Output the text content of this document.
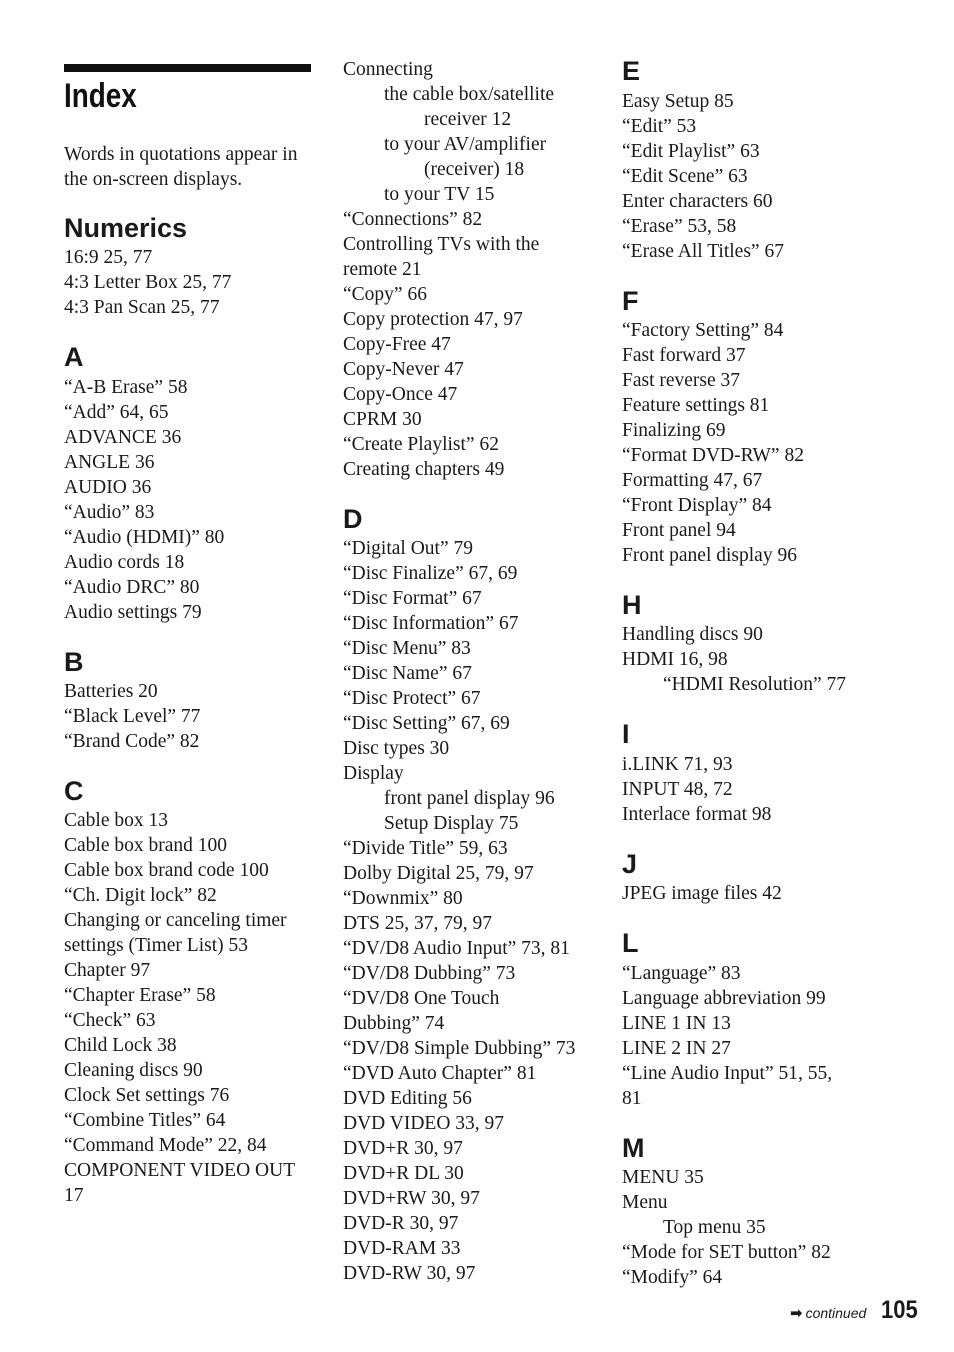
Index
Words in quotations appear in
the on-screen displays.
Numerics
16:9 25, 77
4:3 Letter Box 25, 77
4:3 Pan Scan 25, 77
A
“A-B Erase” 58
“Add” 64, 65
ADVANCE 36
ANGLE 36
AUDIO 36
“Audio” 83
“Audio (HDMI)” 80
Audio cords 18
“Audio DRC” 80
Audio settings 79
B
Batteries 20
“Black Level” 77
“Brand Code” 82
C
Cable box 13
Cable box brand 100
Cable box brand code 100
“Ch. Digit lock” 82
Changing or canceling timer
settings (Timer List) 53
Chapter 97
“Chapter Erase” 58
“Check” 63
Child Lock 38
Cleaning discs 90
Clock Set settings 76
“Combine Titles” 64
“Command Mode” 22, 84
COMPONENT VIDEO OUT
17
Connecting
the cable box/satellite
receiver 12
to your AV/amplifier
(receiver) 18
to your TV 15
“Connections” 82
Controlling TVs with the
remote 21
“Copy” 66
Copy protection 47, 97
Copy-Free 47
Copy-Never 47
Copy-Once 47
CPRM 30
“Create Playlist” 62
Creating chapters 49
D
“Digital Out” 79
“Disc Finalize” 67, 69
“Disc Format” 67
“Disc Information” 67
“Disc Menu” 83
“Disc Name” 67
“Disc Protect” 67
“Disc Setting” 67, 69
Disc types 30
Display
front panel display 96
Setup Display 75
“Divide Title” 59, 63
Dolby Digital 25, 79, 97
“Downmix” 80
DTS 25, 37, 79, 97
“DV/D8 Audio Input” 73, 81
“DV/D8 Dubbing” 73
“DV/D8 One Touch
Dubbing” 74
“DV/D8 Simple Dubbing” 73
“DVD Auto Chapter” 81
DVD Editing 56
DVD VIDEO 33, 97
DVD+R 30, 97
DVD+R DL 30
DVD+RW 30, 97
DVD-R 30, 97
DVD-RAM 33
DVD-RW 30, 97
E
Easy Setup 85
“Edit” 53
“Edit Playlist” 63
“Edit Scene” 63
Enter characters 60
“Erase” 53, 58
“Erase All Titles” 67
F
“Factory Setting” 84
Fast forward 37
Fast reverse 37
Feature settings 81
Finalizing 69
“Format DVD-RW” 82
Formatting 47, 67
“Front Display” 84
Front panel 94
Front panel display 96
H
Handling discs 90
HDMI 16, 98
“HDMI Resolution” 77
I
i.LINK 71, 93
INPUT 48, 72
Interlace format 98
J
JPEG image files 42
L
“Language” 83
Language abbreviation 99
LINE 1 IN 13
LINE 2 IN 27
“Line Audio Input” 51, 55,
81
M
MENU 35
Menu
Top menu 35
“Mode for SET button” 82
“Modify” 64
➡ continued 105
